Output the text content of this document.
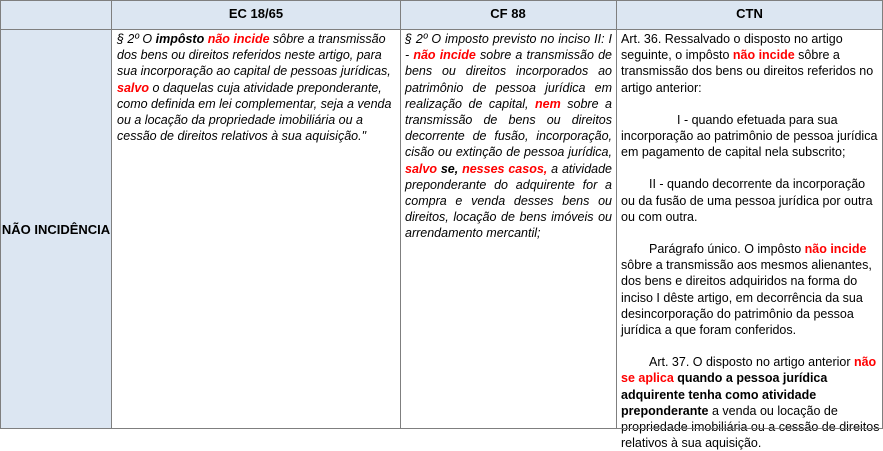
EC 18/65	CF 88	CTN
NÃO INCIDÊNCIA

§ 2º O impôsto não incide sôbre a transmissão dos bens ou direitos referidos neste artigo, para sua incorporação ao capital de pessoas jurídicas, salvo o daquelas cuja atividade preponderante, como definida em lei complementar, seja a venda ou a locação da propriedade imobiliária ou a cessão de direitos relativos à sua aquisição."

§ 2º O imposto previsto no inciso II: I - não incide sobre a transmissão de bens ou direitos incorporados ao patrimônio de pessoa jurídica em realização de capital, nem sobre a transmissão de bens ou direitos decorrente de fusão, incorporação, cisão ou extinção de pessoa jurídica, salvo se, nesses casos, a atividade preponderante do adquirente for a compra e venda desses bens ou direitos, locação de bens imóveis ou arrendamento mercantil;

Art. 36. Ressalvado o disposto no artigo seguinte, o impôsto não incide sôbre a transmissão dos bens ou direitos referidos no artigo anterior:

I - quando efetuada para sua incorporação ao patrimônio de pessoa jurídica em pagamento de capital nela subscrito;

II - quando decorrente da incorporação ou da fusão de uma pessoa jurídica por outra ou com outra.

Parágrafo único. O impôsto não incide sôbre a transmissão aos mesmos alienantes, dos bens e direitos adquiridos na forma do inciso I dêste artigo, em decorrência da sua desincorporação do patrimônio da pessoa jurídica a que foram conferidos.

Art. 37. O disposto no artigo anterior não se aplica quando a pessoa jurídica adquirente tenha como atividade preponderante a venda ou locação de relativos à sua aquisição.
